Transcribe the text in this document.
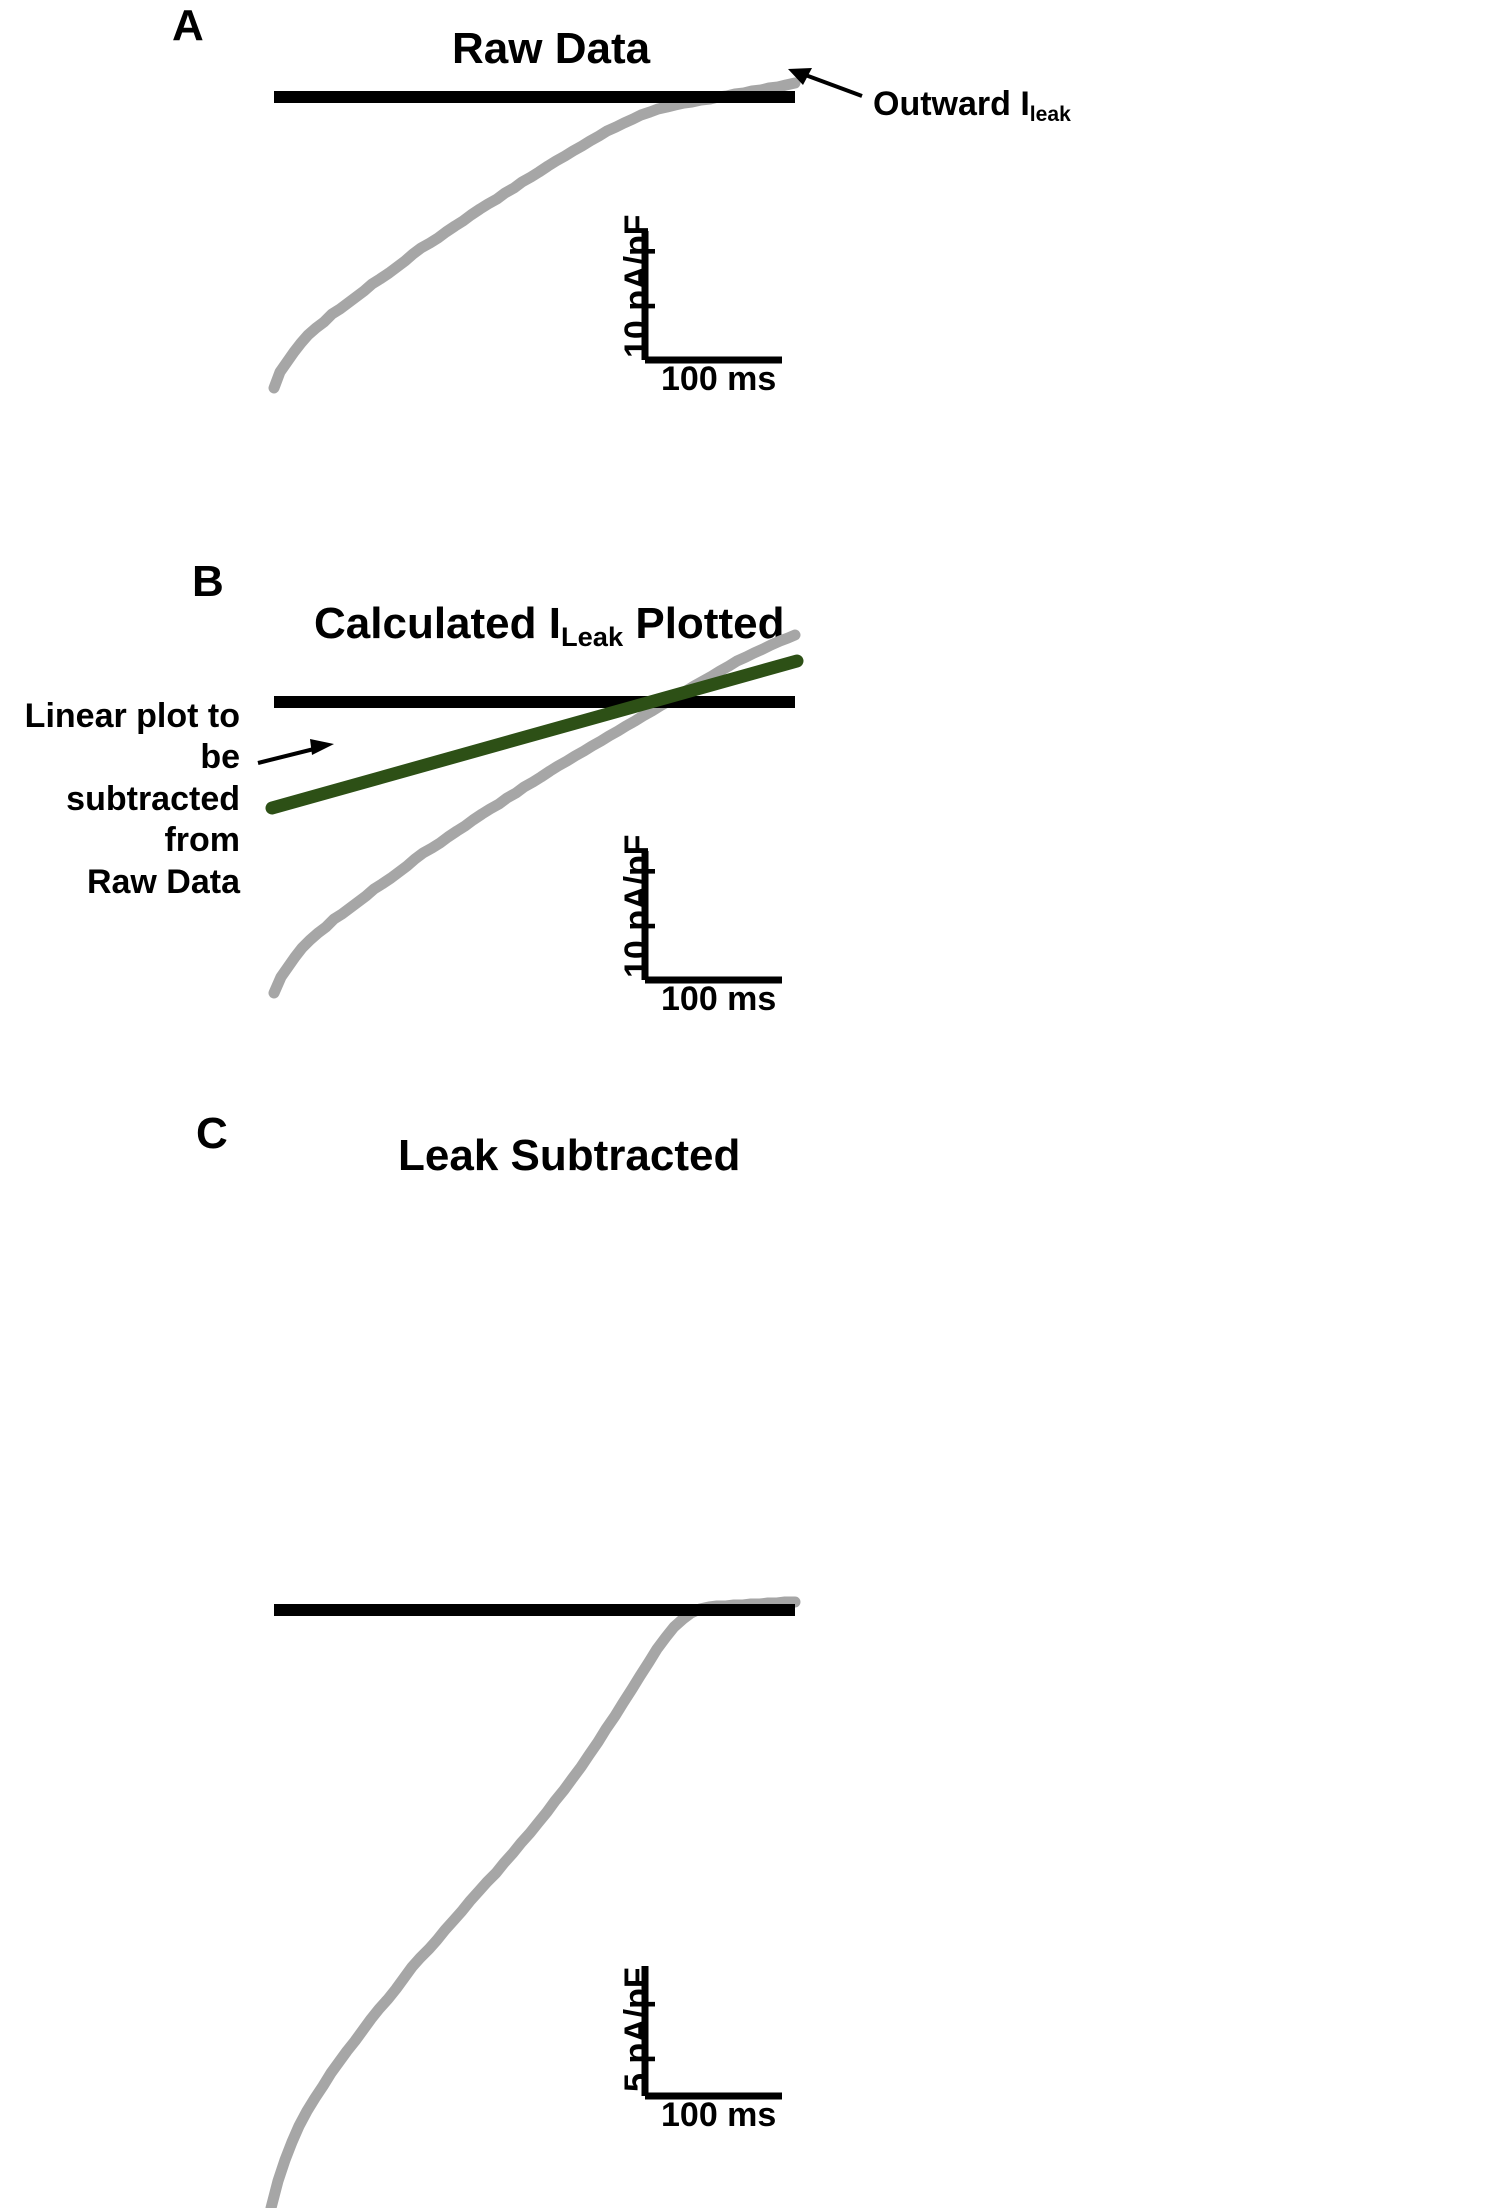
A	Raw Data
Outward $I_{leak}$
10 pA/pF
100 ms
B
Calculated $I_{Leak}$ Plotted
Linear plot to be
subtracted from
Raw Data	10 pA/pF
100 ms
C	Leak Subtracted
5 pA/pF
100 ms
